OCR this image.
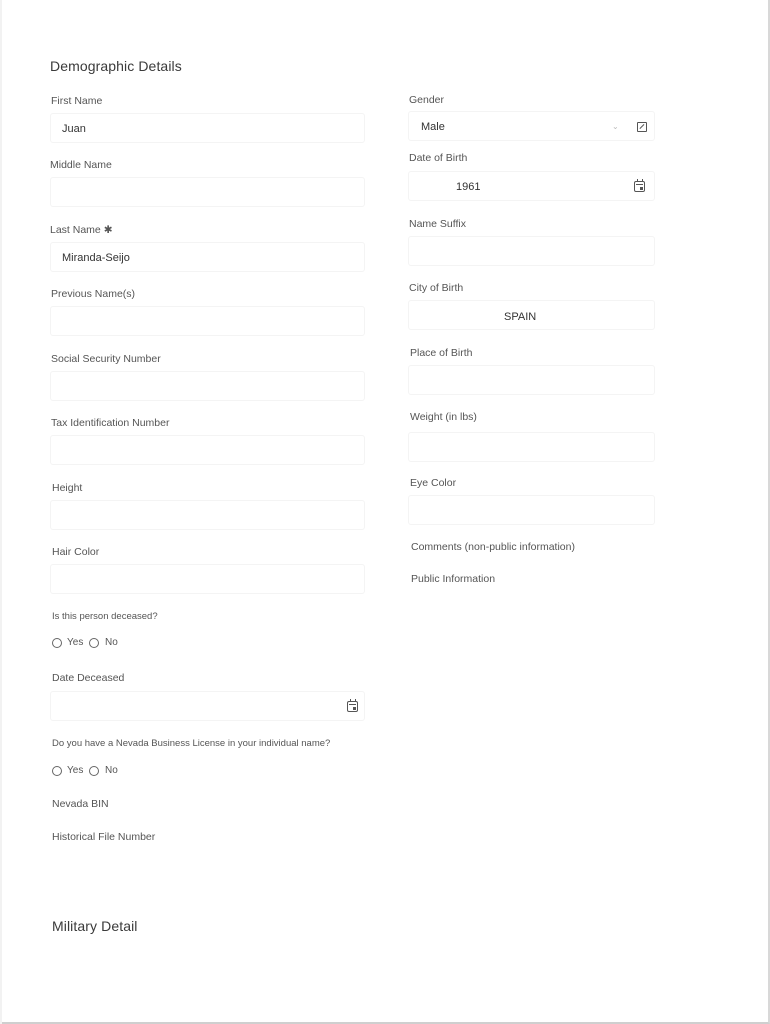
Demographic Details
First Name
Juan
Middle Name
Last Name ✱
Miranda-Seijo
Previous Name(s)
Social Security Number
Tax Identification Number
Height
Hair Color
Is this person deceased?
Yes No
Date Deceased
Do you have a Nevada Business License in your individual name?
Yes No
Nevada BIN
Historical File Number
Military Detail
Gender
Male	⌄
Date of Birth
1961
Name Suffix
City of Birth
SPAIN
Place of Birth
Weight (in lbs)
Eye Color
Comments (non-public information)
Public Information
